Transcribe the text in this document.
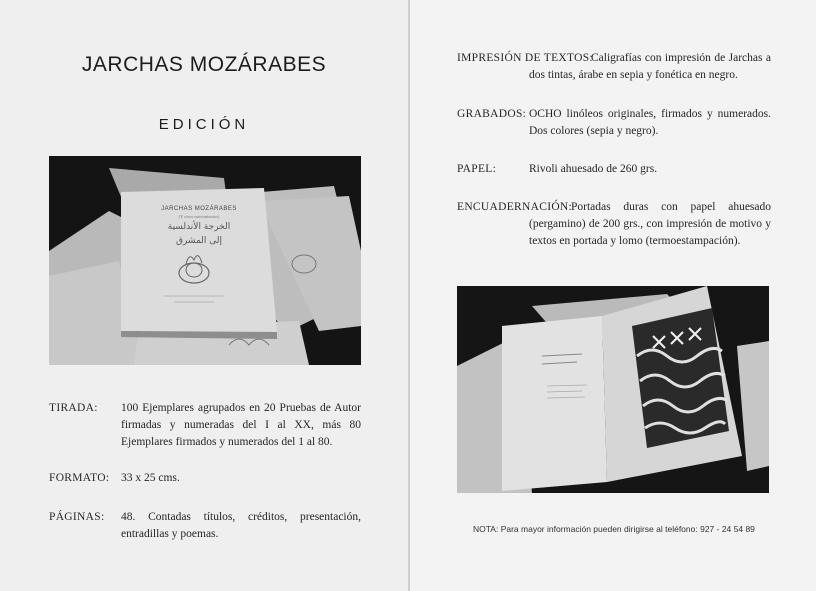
JARCHAS MOZÁRABES
EDICIÓN
JARCHAS MOZÁRABES
(Y otros movimientos)
الخرجة الأندلسية
إلى المشرق
TIRADA: 100 Ejemplares agrupados en 20 Pruebas de Autor firmadas y numeradas del I al XX, más 80 Ejemplares firmados y numerados del 1 al 80.
FORMATO: 33 x 25 cms.
PÁGINAS: 48. Contadas títulos, créditos, presentación, entradillas y poemas.
IMPRESIÓN DE TEXTOS:
Caligrafías con impresión de Jarchas a dos tintas, árabe en sepia y fonética en negro.
GRABADOS: OCHO linóleos originales, firmados y numerados. Dos colores (sepia y negro).
PAPEL:	Rivoli ahuesado de 260 grs.
ENCUADERNACIÓN:
Portadas duras con papel ahuesado (pergamino) de 200 grs., con impresión de motivo y textos en portada y lomo (termoestampación).
NOTA: Para mayor información pueden dirigirse al teléfono: 927 - 24 54 89
